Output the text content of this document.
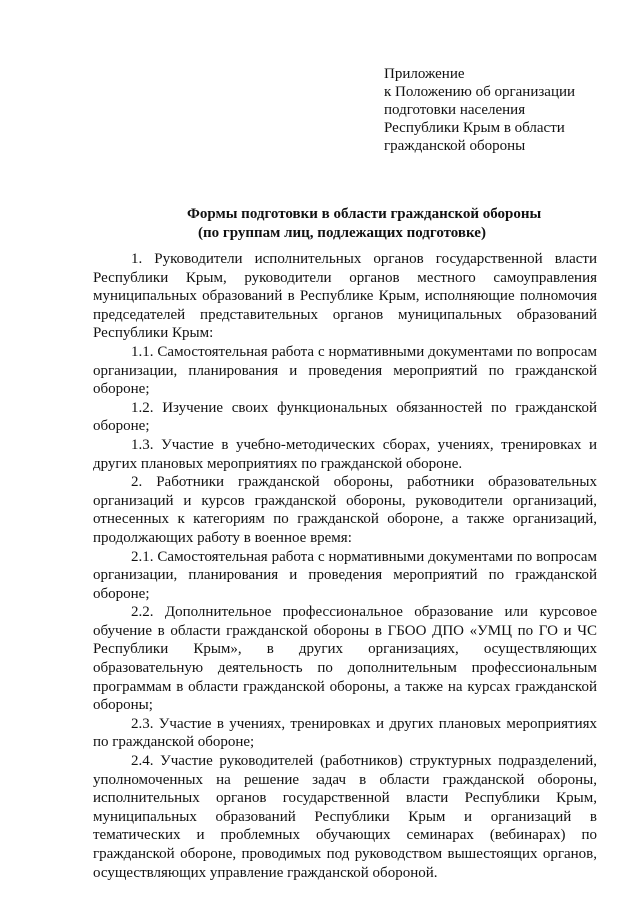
Приложение
к Положению об организации
подготовки населения
Республики Крым в области
гражданской обороны
Формы подготовки в области гражданской обороны
(по группам лиц, подлежащих подготовке)

1. Руководители исполнительных органов государственной власти Республики Крым, руководители органов местного самоуправления муниципальных образований в Республике Крым, исполняющие полномочия председателей представительных органов муниципальных образований Республики Крым:

1.1. Самостоятельная работа с нормативными документами по вопросам организации, планирования и проведения мероприятий по гражданской обороне;

1.2. Изучение своих функциональных обязанностей по гражданской обороне;

1.3. Участие в учебно-методических сборах, учениях, тренировках и других плановых мероприятиях по гражданской обороне.

2. Работники гражданской обороны, работники образовательных организаций и курсов гражданской обороны, руководители организаций, отнесенных к категориям по гражданской обороне, а также организаций, продолжающих работу в военное время:

2.1. Самостоятельная работа с нормативными документами по вопросам организации, планирования и проведения мероприятий по гражданской обороне;

2.2. Дополнительное профессиональное образование или курсовое обучение в области гражданской обороны в ГБОО ДПО «УМЦ по ГО и ЧС Республики Крым», в других организациях, осуществляющих образовательную деятельность по дополнительным профессиональным программам в области гражданской обороны, а также на курсах гражданской обороны;

2.3. Участие в учениях, тренировках и других плановых мероприятиях по гражданской обороне;

2.4. Участие руководителей (работников) структурных подразделений, уполномоченных на решение задач в области гражданской обороны, исполнительных органов государственной власти Республики Крым, муниципальных образований Республики Крым и организаций в тематических и проблемных обучающих семинарах (вебинарах) по гражданской обороне, проводимых под руководством вышестоящих органов, осуществляющих управление гражданской обороной.
